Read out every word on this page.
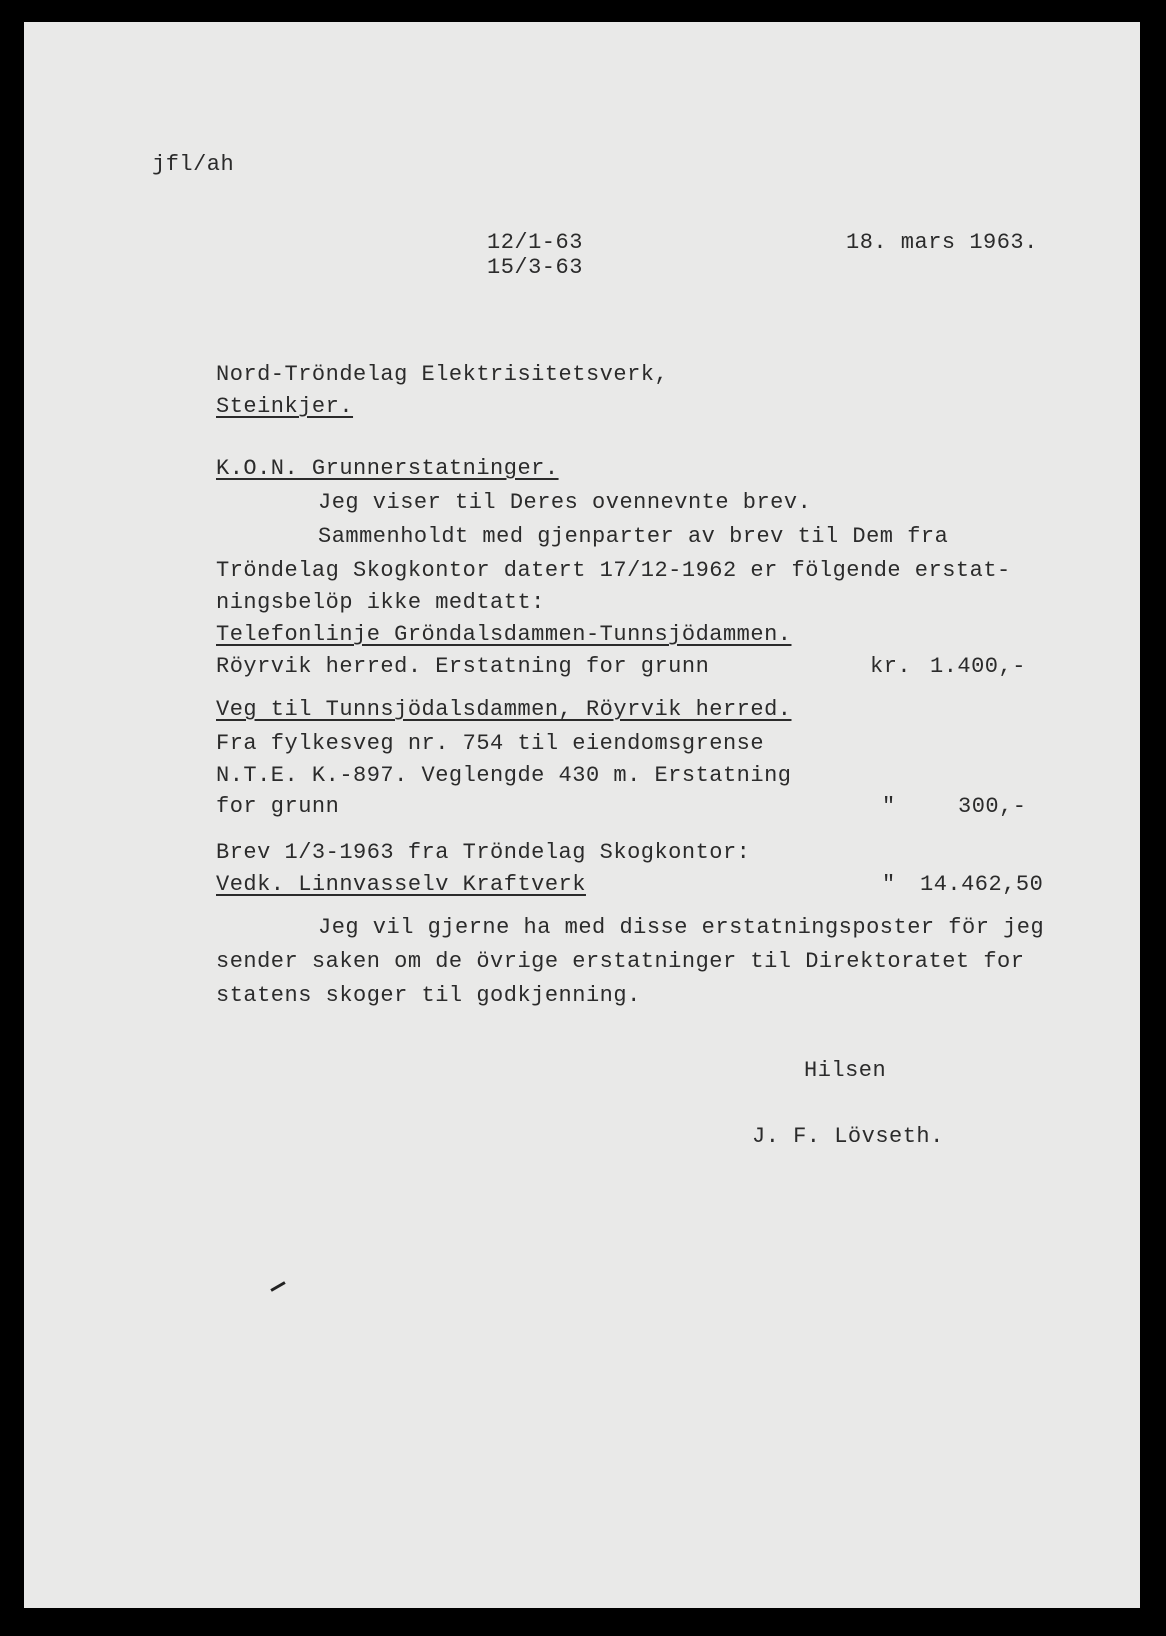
jfl/ah
12/1-63
15/3-63
18. mars 1963.
Nord-Tröndelag Elektrisitetsverk,
Steinkjer.
K.O.N. Grunnerstatninger.
Jeg viser til Deres ovennevnte brev.
Sammenholdt med gjenparter av brev til Dem fra
Tröndelag Skogkontor datert 17/12-1962 er fölgende erstat-
ningsbelöp ikke medtatt:
Telefonlinje Gröndalsdammen-Tunnsjödammen.
Röyrvik herred. Erstatning for grunn	kr. 1.400,-
Veg til Tunnsjödalsdammen, Röyrvik herred.
Fra fylkesveg nr. 754 til eiendomsgrense
N.T.E. K.-897. Veglengde 430 m. Erstatning
for grunn	"	300,-
Brev 1/3-1963 fra Tröndelag Skogkontor:
Vedk. Linnvasselv Kraftverk	" 14.462,50
Jeg vil gjerne ha med disse erstatningsposter för jeg
sender saken om de övrige erstatninger til Direktoratet for
statens skoger til godkjenning.
Hilsen
J. F. Lövseth.
